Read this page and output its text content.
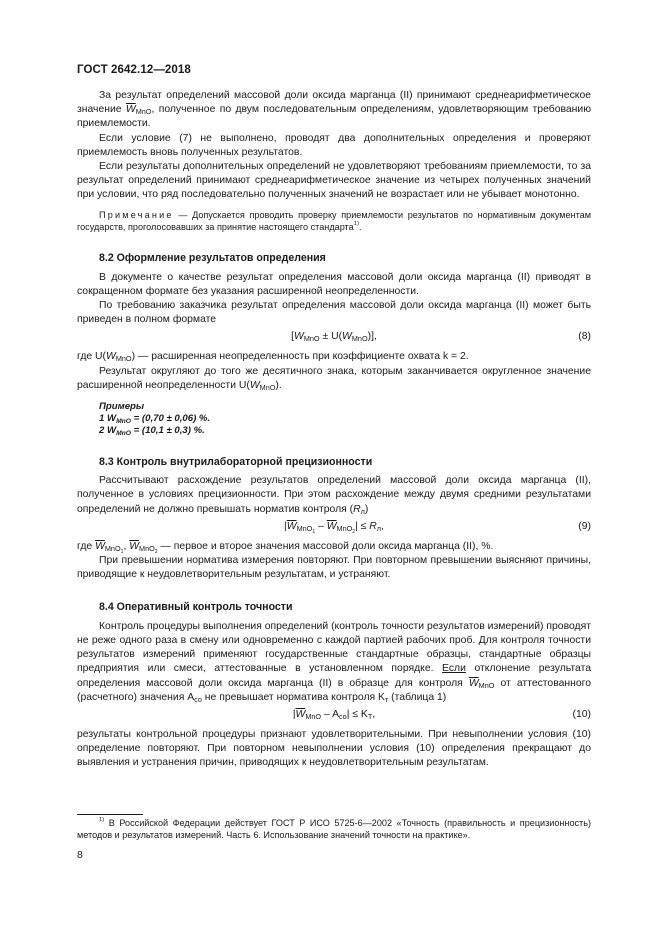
ГОСТ 2642.12—2018

За результат определений массовой доли оксида марганца (II) принимают среднеарифметическое значение $\overline{W}_{MnO}$, полученное по двум последовательным определениям, удовлетворяющим требованию приемлемости.

Если условие (7) не выполнено, проводят два дополнительных определения и проверяют приемлемость вновь полученных результатов.

Если результаты дополнительных определений не удовлетворяют требованиям приемлемости, то за результат определений принимают среднеарифметическое значение из четырех полученных значений при условии, что ряд последовательно полученных значений не возрастает или не убывает монотонно.

Примечание — Допускается проводить проверку приемлемости результатов по нормативным документам государств, проголосовавших за принятие настоящего стандарта$^{1)}$.

8.2 Оформление результатов определения

В документе о качестве результат определения массовой доли оксида марганца (II) приводят в сокращенном формате без указания расширенной неопределенности.

По требованию заказчика результат определения массовой доли оксида марганца (II) может быть приведен в полном формате

$[W_{MnO} \pm U(W_{MnO})]$,	(8)

где $U(W_{MnO})$ — расширенная неопределенность при коэффициенте охвата k = 2.

Результат округляют до того же десятичного знака, которым заканчивается округленное значение расширенной неопределенности $U(W_{MnO})$.

Примеры
1 $W_{MnO} = (0,70 \pm 0,06)$ %.
2 $W_{MnO} = (10,1 \pm 0,3)$ %.
8.3 Контроль внутрилабораторной прецизионности

Рассчитывают расхождение результатов определений массовой доли оксида марганца (II), полученное в условиях прецизионности. При этом расхождение между двумя средними результатами определений не должно превышать норматив контроля $(R_л)$

$|\overline{W}_{MnO_1} - \overline{W}_{MnO_2}| \le R_л$,	(9)

где $\overline{W}_{MnO_1}$, $\overline{W}_{MnO_2}$ — первое и второе значения массовой доли оксида марганца (II), %.

При превышении норматива измерения повторяют. При повторном превышении выясняют причины, приводящие к неудовлетворительным результатам, и устраняют.

8.4 Оперативный контроль точности

Контроль процедуры выполнения определений (контроль точности результатов измерений) проводят не реже одного раза в смену или одновременно с каждой партией рабочих проб. Для контроля точности результатов измерений применяют государственные стандартные образцы, стандартные образцы предприятия или смеси, аттестованные в установленном порядке. Если отклонение результата определения массовой доли оксида марганца (II) в образце для контроля $\overline{W}_{MnO}$ от аттестованного (расчетного) значения $A_{со}$ не превышает норматива контроля $K_т$ (таблица 1)

$|\overline{W}_{MnO} - A_{co}| \le K_T$,	(10)

результаты контрольной процедуры признают удовлетворительными. При невыполнении условия (10) определение повторяют. При повторном невыполнении условия (10) определения прекращают до выявления и устранения причин, приводящих к неудовлетворительным результатам.

$^{1)}$ В Российской Федерации действует ГОСТ Р ИСО 5725-6—2002 «Точность (правильность и прецизионность) методов и результатов измерений. Часть 6. Использование значений точности на практике».
8
